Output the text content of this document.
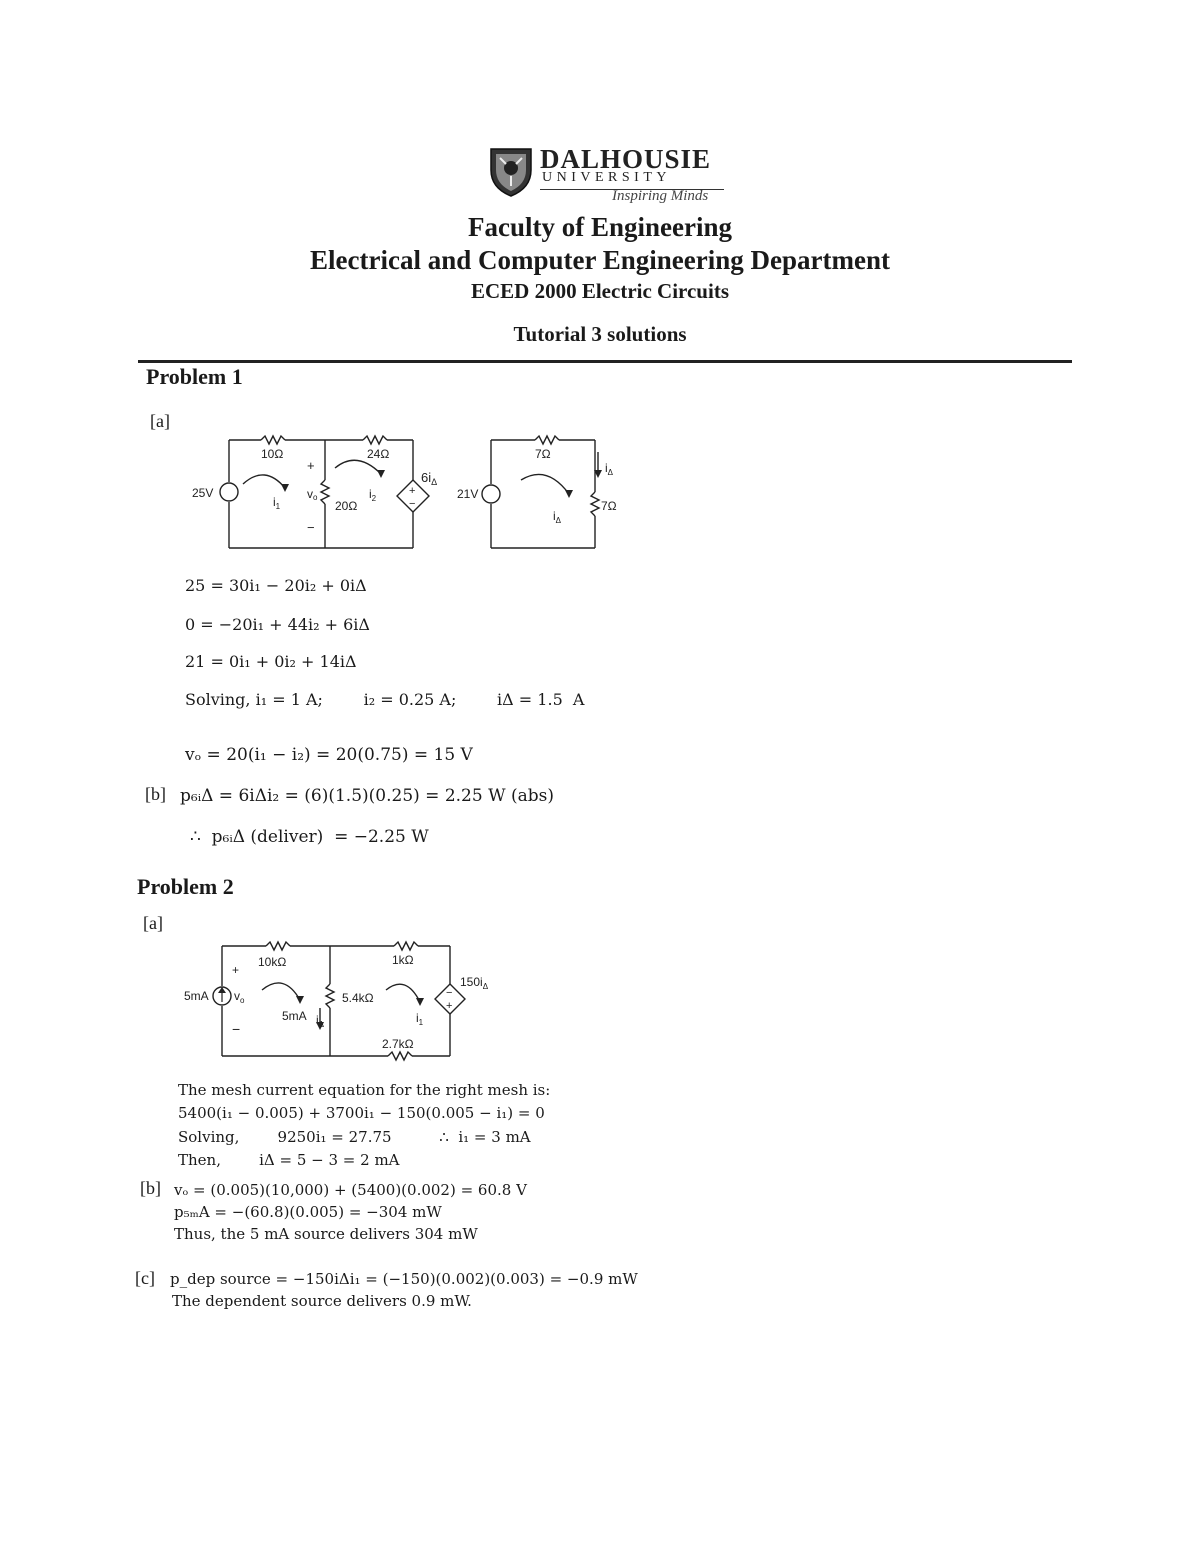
DALHOUSIE
UNIVERSITY
Inspiring Minds
Faculty of Engineering
Electrical and Computer Engineering Department
ECED 2000 Electric Circuits
Tutorial 3 solutions
Problem 1
[a]
10Ω	24Ω
20Ω
7Ω
7Ω
25V	21V
$6i_\Delta$
+
−
+
−
vo
$i_1$
$i_2$
$i_\Delta$
$i_\Delta$
25 = 30i₁ − 20i₂ + 0iΔ
0 = −20i₁ + 44i₂ + 6iΔ
21 = 0i₁ + 0i₂ + 14iΔ
Solving, i₁ = 1 A;        i₂ = 0.25 A;        iΔ = 1.5  A
vₒ = 20(i₁ − i₂) = 20(0.75) = 15 V
[b] p₆ᵢΔ = 6iΔi₂ = (6)(1.5)(0.25) = 2.25 W (abs)
∴  p₆ᵢΔ (deliver)  = −2.25 W
Problem 2
[a]
10kΩ	1kΩ
5.4kΩ
2.7kΩ
5mA
5mA
$v_o$
+
−
$i_1$
$i_\Delta$
$150i_\Delta$
−
+
The mesh current equation for the right mesh is:
5400(i₁ − 0.005) + 3700i₁ − 150(0.005 − i₁) = 0
Solving,        9250i₁ = 27.75          ∴  i₁ = 3 mA
Then,        iΔ = 5 − 3 = 2 mA
[b] vₒ = (0.005)(10,000) + (5400)(0.002) = 60.8 V
p₅ₘA = −(60.8)(0.005) = −304 mW
Thus, the 5 mA source delivers 304 mW
[c] p_dep source = −150iΔi₁ = (−150)(0.002)(0.003) = −0.9 mW
The dependent source delivers 0.9 mW.
